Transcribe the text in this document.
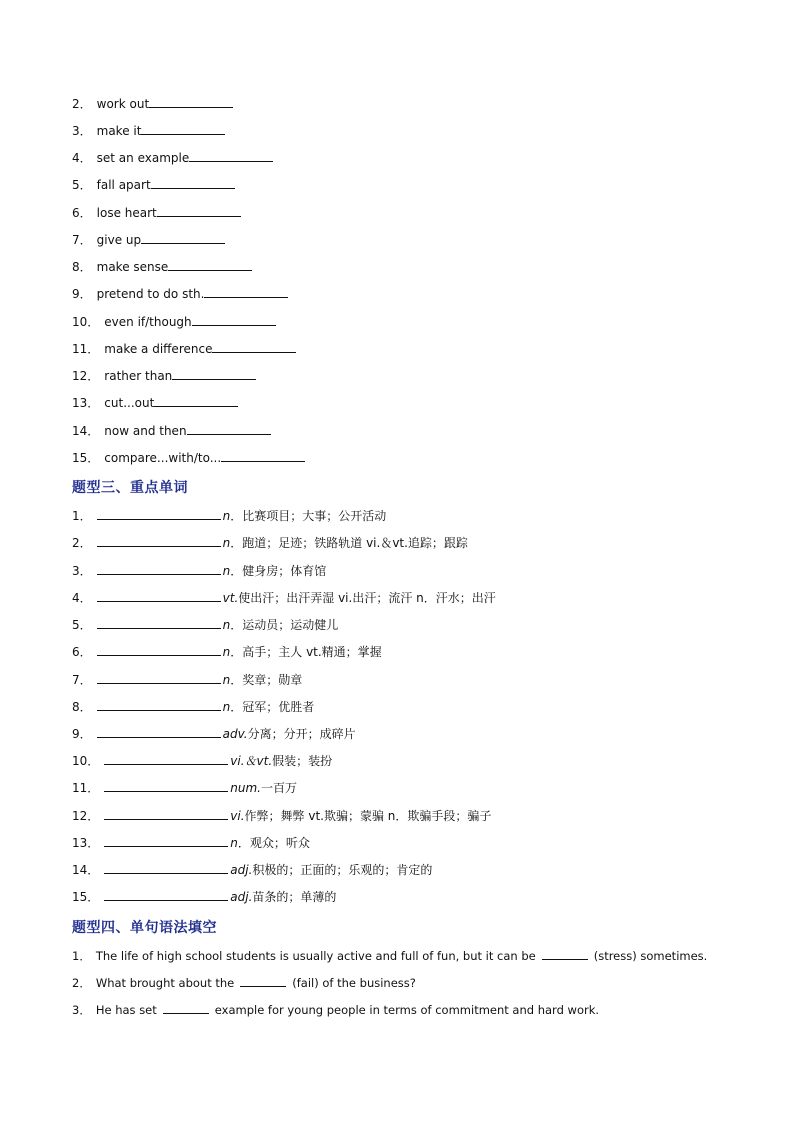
2． work out
3． make it
4． set an example
5． fall apart
6． lose heart
7． give up
8． make sense
9． pretend to do sth.
10． even if/though
11． make a difference
12． rather than
13． cut...out
14． now and then
15． compare...with/to...
题型三、重点单词
1．	n．比赛项目；大事；公开活动
2．	n．跑道；足迹；铁路轨道 vi.＆vt.追踪；跟踪
3．	n．健身房；体育馆
4．	vt.使出汗；出汗弄湿 vi.出汗；流汗 n．汗水；出汗
5．	n．运动员；运动健儿
6．	n．高手；主人 vt.精通；掌握
7．	n．奖章；勋章
8．	n．冠军；优胜者
9．	adv.分离；分开；成碎片
10．	vi.＆vt.假装；装扮
11．	num.一百万
12．	vi.作弊；舞弊 vt.欺骗；蒙骗 n．欺骗手段；骗子
13．	n．观众；听众
14．	adj.积极的；正面的；乐观的；肯定的
15．	adj.苗条的；单薄的
题型四、单句语法填空
1． The life of high school students is usually active and full of fun, but it can be	(stress) sometimes.
2． What brought about the	(fail) of the business?
3． He has set	example for young people in terms of commitment and hard work.
